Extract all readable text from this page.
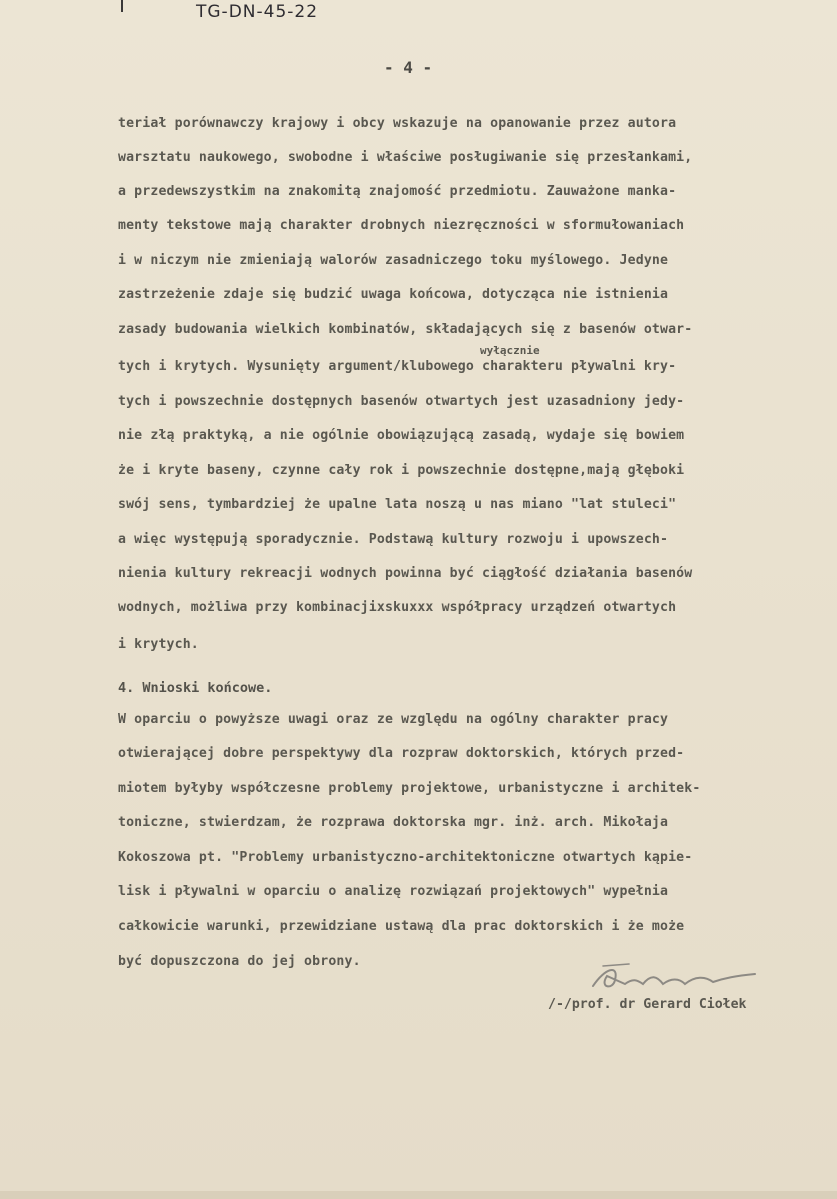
TG-DN-45-22
- 4 -
teriał porównawczy krajowy i obcy wskazuje na opanowanie przez autora
warsztatu naukowego, swobodne i właściwe posługiwanie się przesłankami,
a przedewszystkim na znakomitą znajomość przedmiotu. Zauważone mankа-
menty tekstowe mają charakter drobnych niezręczności w sformułowaniach
i w niczym nie zmieniają walorów zasadniczego toku myślowego. Jedyne
zastrzeżenie zdaje się budzić uwaga końcowa, dotycząca nie istnienia
zasady budowania wielkich kombinatów, składających się z basenów otwar-
wyłącznie
tych i krytych. Wysunięty argument/klubowego charakteru pływalni kry-
tych i powszechnie dostępnych basenów otwartych jest uzasadniony jedy-
nie złą praktyką, a nie ogólnie obowiązującą zasadą, wydaje się bowiem
że i kryte baseny, czynne cały rok i powszechnie dostępne,mają głęboki
swój sens, tymbardziej że upalne lata noszą u nas miano "lat stuleci"
a więc występują sporadycznie. Podstawą kultury rozwoju i upowszech-
nienia kultury rekreacji wodnych powinna być ciągłość działania basenów
wodnych, możliwa przy kombinacjixskuxxx współpracy urządzeń otwartych
i krytych.
4. Wnioski końcowe.
W oparciu o powyższe uwagi oraz ze względu na ogólny charakter pracy
otwierającej dobre perspektywy dla rozpraw doktorskich, których przed-
miotem byłyby współczesne problemy projektowe, urbanistyczne i architek-
toniczne, stwierdzam, że rozprawa doktorska mgr. inż. arch. Mikołaja
Kokoszowa pt. "Problemy urbanistyczno-architektoniczne otwartych kąpie-
lisk i pływalni w oparciu o analizę rozwiązań projektowych" wypełnia
całkowicie warunki, przewidziane ustawą dla prac doktorskich i że może
być dopuszczona do jej obrony.
/-/prof. dr Gerard Ciołek
